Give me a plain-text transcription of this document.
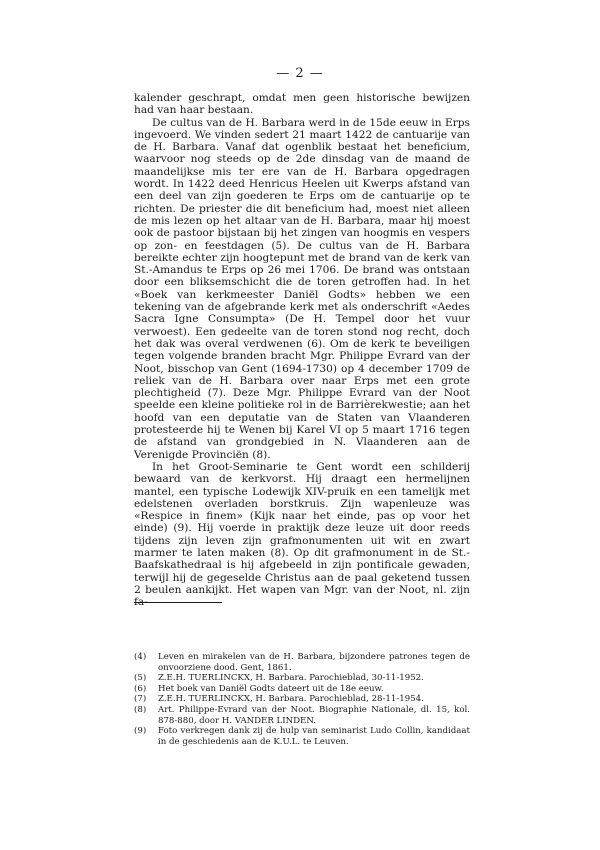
— 2 —

kalender geschrapt, omdat men geen historische bewijzen had van haar bestaan.

De cultus van de H. Barbara werd in de 15de eeuw in Erps ingevoerd. We vinden sedert 21 maart 1422 de cantuarije van de H. Barbara. Vanaf dat ogenblik bestaat het beneficium, waarvoor nog steeds op de 2de dinsdag van de maand de maandelijkse mis ter ere van de H. Barbara opgedragen wordt. In 1422 deed Henricus Heelen uit Kwerps afstand van een deel van zijn goederen te Erps om de cantuarije op te richten. De priester die dit beneficium had, moest niet alleen de mis lezen op het altaar van de H. Barbara, maar hij moest ook de pastoor bijstaan bij het zingen van hoogmis en vespers op zon- en feestdagen (5). De cultus van de H. Barbara bereikte echter zijn hoogtepunt met de brand van de kerk van St.-Amandus te Erps op 26 mei 1706. De brand was ontstaan door een bliksemschicht die de toren getroffen had. In het «Boek van kerkmeester Daniël Godts» hebben we een tekening van de afgebrande kerk met als onderschrift «Aedes Sacra Igne Consumpta» (De H. Tempel door het vuur verwoest). Een gedeelte van de toren stond nog recht, doch het dak was overal verdwenen (6). Om de kerk te beveiligen tegen volgende branden bracht Mgr. Philippe Evrard van der Noot, bisschop van Gent (1694-1730) op 4 december 1709 de reliek van de H. Barbara over naar Erps met een grote plechtigheid (7). Deze Mgr. Philippe Evrard van der Noot speelde een kleine politieke rol in de Barrièrekwestie; aan het hoofd van een deputatie van de Staten van Vlaanderen protesteerde hij te Wenen bij Karel VI op 5 maart 1716 tegen de afstand van grondgebied in N. Vlaanderen aan de Verenigde Provinciën (8).

In het Groot-Seminarie te Gent wordt een schilderij bewaard van de kerkvorst. Hij draagt een hermelijnen mantel, een typische Lodewijk XIV-pruik en een tamelijk met edelstenen overladen borstkruis. Zijn wapenleuze was «Respice in finem» (Kijk naar het einde, pas op voor het einde) (9). Hij voerde in praktijk deze leuze uit door reeds tijdens zijn leven zijn grafmonumenten uit wit en zwart marmer te laten maken (8). Op dit grafmonument in de St.-Baafskathedraal is hij afgebeeld in zijn pontificale gewaden, terwijl hij de gegeselde Christus aan de paal geketend tussen 2 beulen aankijkt. Het wapen van Mgr. van der Noot, nl. zijn fa-

(4)	Leven en mirakelen van de H. Barbara, bijzondere patrones tegen de onvoorziene dood. Gent, 1861.
(5)	Z.E.H. TUERLINCKX, H. Barbara. Parochieblad, 30-11-1952.
(6)	Het boek van Daniël Godts dateert uit de 18e eeuw.
(7)	Z.E.H. TUERLINCKX, H. Barbara. Parochieblad, 28-11-1954.
(8)	Art. Philippe-Evrard van der Noot. Biographie Nationale, dl. 15, kol. 878-880, door H. VANDER LINDEN.
(9)	Foto verkregen dank zij de hulp van seminarist Ludo Collin, kandidaat in de geschiedenis aan de K.U.L. te Leuven.
